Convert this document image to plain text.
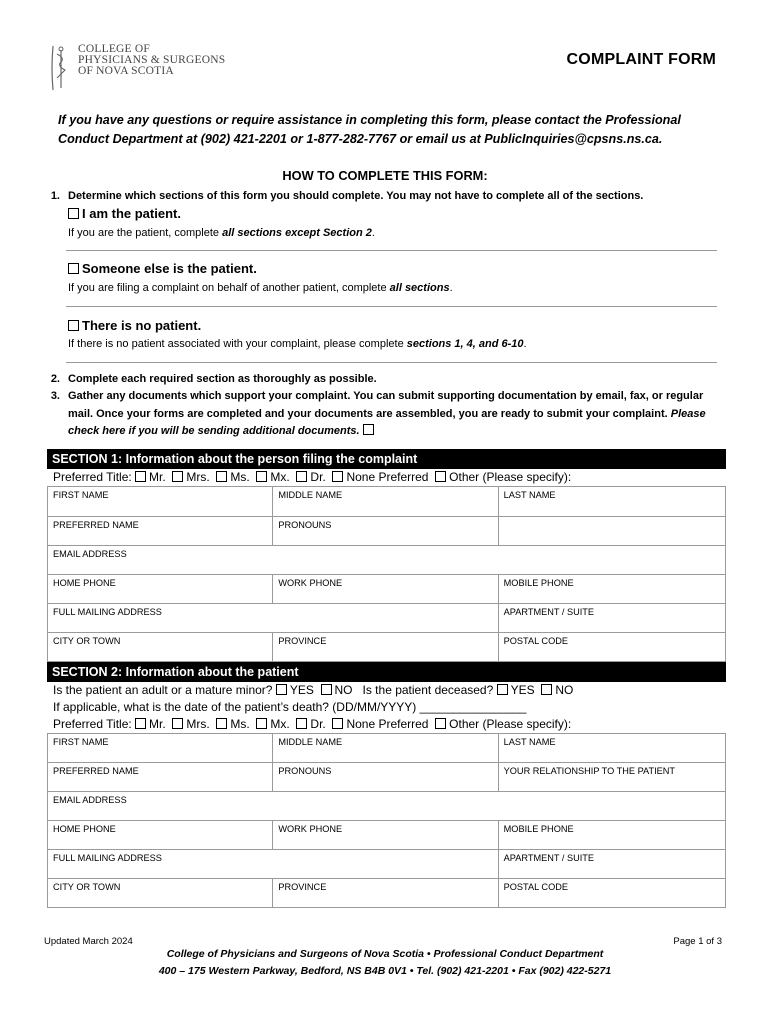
COLLEGE OF
PHYSICIANS & SURGEONS
OF NOVA SCOTIA
COMPLAINT FORM
If you have any questions or require assistance in completing this form, please contact the Professional Conduct Department at (902) 421-2201 or 1-877-282-7767 or email us at PublicInquiries@cpsns.ns.ca.
HOW TO COMPLETE THIS FORM:
1. Determine which sections of this form you should complete. You may not have to complete all of the sections.
I am the patient.
If you are the patient, complete all sections except Section 2.
Someone else is the patient.
If you are filing a complaint on behalf of another patient, complete all sections.
There is no patient.
If there is no patient associated with your complaint, please complete sections 1, 4, and 6-10.
2. Complete each required section as thoroughly as possible.
3. Gather any documents which support your complaint. You can submit supporting documentation by email, fax, or regular mail. Once your forms are completed and your documents are assembled, you are ready to submit your complaint. Please check here if you will be sending additional documents.
SECTION 1: Information about the person filing the complaint
Preferred Title: Mr. Mrs. Ms. Mx. Dr. None Preferred Other (Please specify):
FIRST NAME	MIDDLE NAME	LAST NAME
PREFERRED NAME	PRONOUNS
EMAIL ADDRESS
HOME PHONE	WORK PHONE	MOBILE PHONE
FULL MAILING ADDRESS	APARTMENT / SUITE
CITY OR TOWN	PROVINCE	POSTAL CODE
SECTION 2: Information about the patient
Is the patient an adult or a mature minor? YES NO Is the patient deceased? YES NO
If applicable, what is the date of the patient’s death? (DD/MM/YYYY) ________________
Preferred Title: Mr. Mrs. Ms. Mx. Dr. None Preferred Other (Please specify):
FIRST NAME	MIDDLE NAME	LAST NAME
PREFERRED NAME	PRONOUNS	YOUR RELATIONSHIP TO THE PATIENT
EMAIL ADDRESS
HOME PHONE	WORK PHONE	MOBILE PHONE
FULL MAILING ADDRESS	APARTMENT / SUITE
CITY OR TOWN	PROVINCE	POSTAL CODE
Updated March 2024	Page 1 of 3
College of Physicians and Surgeons of Nova Scotia • Professional Conduct Department
400 – 175 Western Parkway, Bedford, NS B4B 0V1 • Tel. (902) 421-2201 • Fax (902) 422-5271
